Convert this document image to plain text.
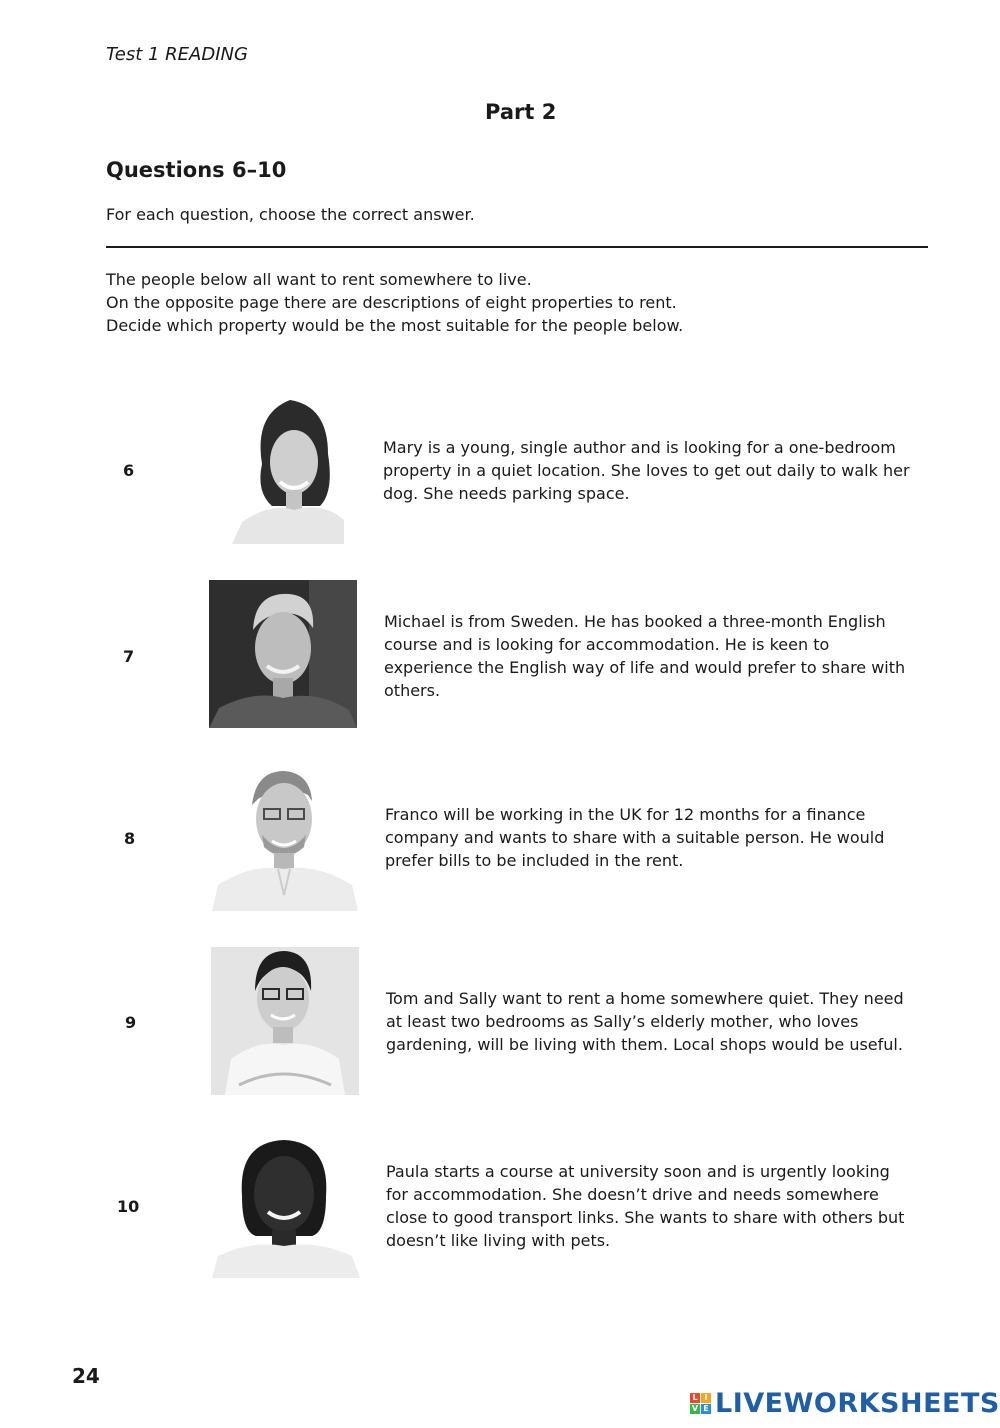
Test 1 READING
Part 2
Questions 6–10
For each question, choose the correct answer.
The people below all want to rent somewhere to live.
On the opposite page there are descriptions of eight properties to rent.
Decide which property would be the most suitable for the people below.
6
Mary is a young, single author and is looking for a one-bedroom
property in a quiet location. She loves to get out daily to walk her
dog. She needs parking space.
7
Michael is from Sweden. He has booked a three-month English
course and is looking for accommodation. He is keen to
experience the English way of life and would prefer to share with
others.
8
Franco will be working in the UK for 12 months for a finance
company and wants to share with a suitable person. He would
prefer bills to be included in the rent.
9
Tom and Sally want to rent a home somewhere quiet. They need
at least two bedrooms as Sally’s elderly mother, who loves
gardening, will be living with them. Local shops would be useful.
10
Paula starts a course at university soon and is urgently looking
for accommodation. She doesn’t drive and needs somewhere
close to good transport links. She wants to share with others but
doesn’t like living with pets.
24
L I
V E LIVEWORKSHEETS
